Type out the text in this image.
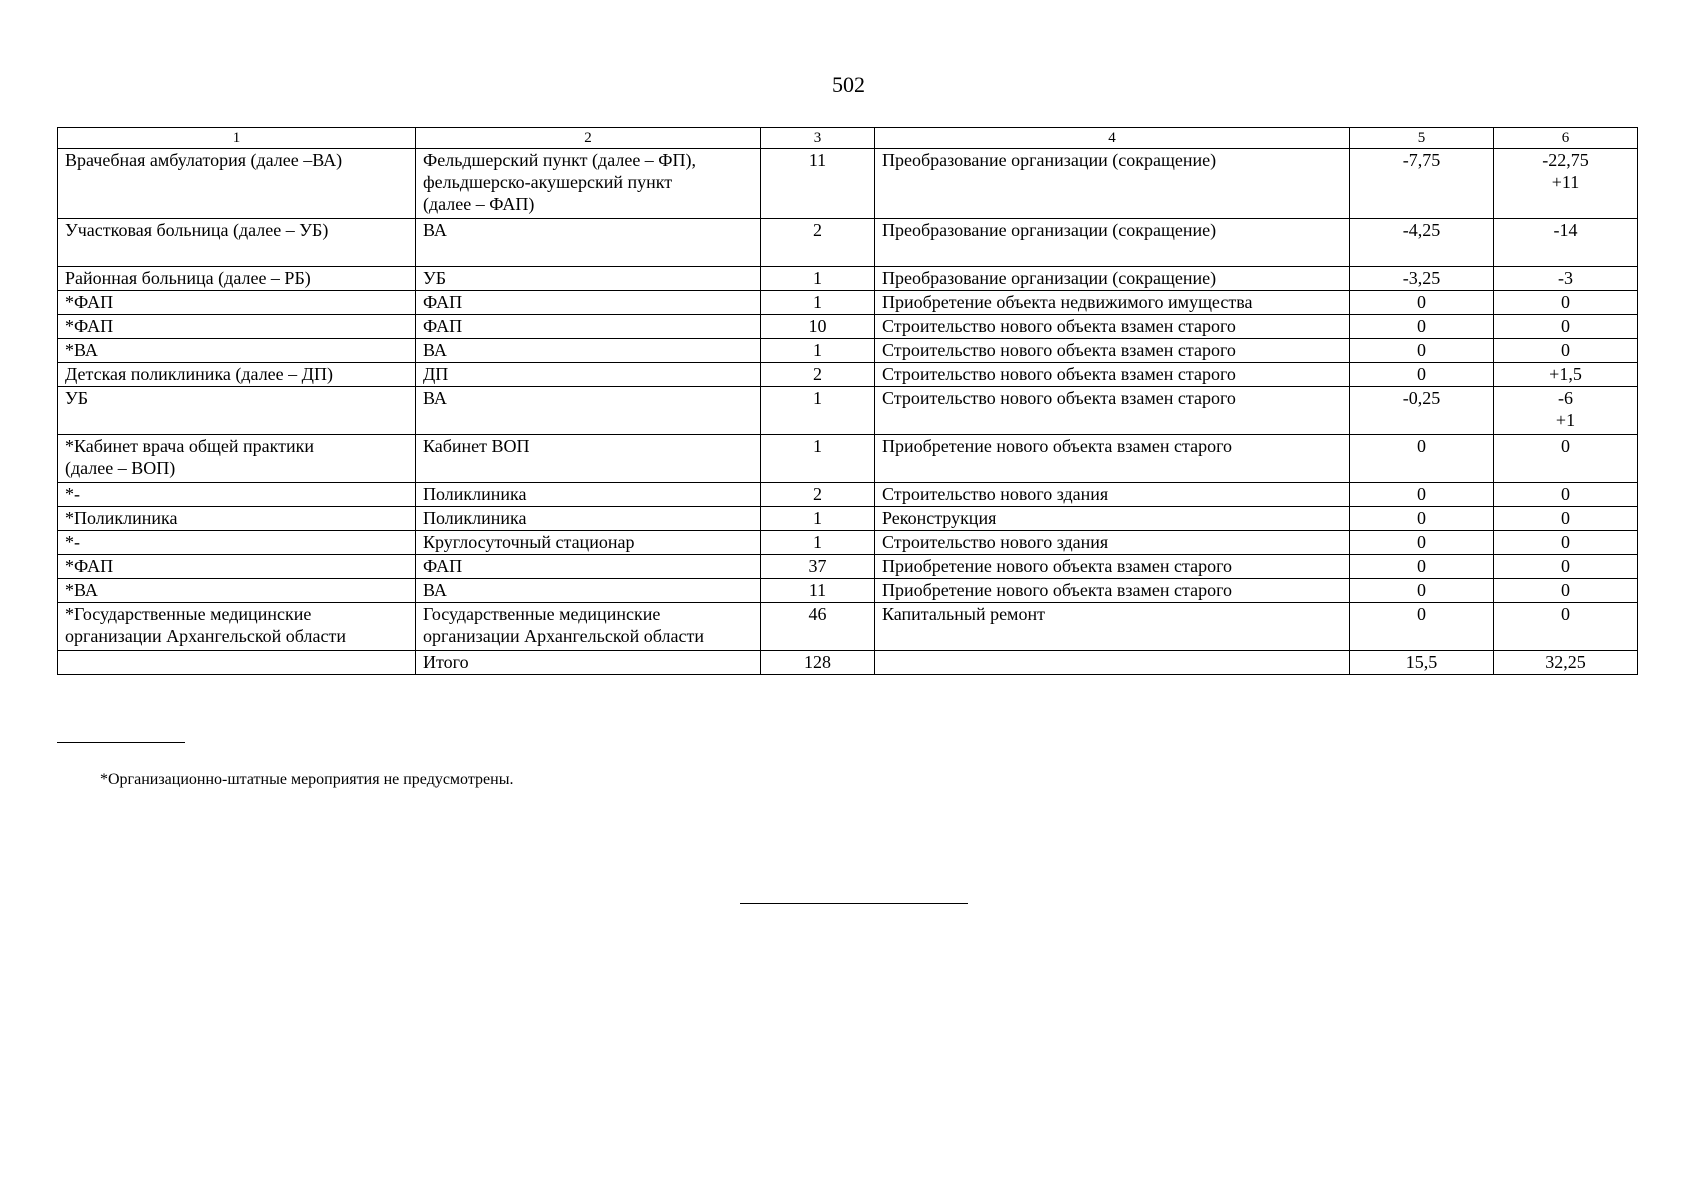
502
1	2	3	4	5	6
Врачебная амбулатория (далее –ВА)	Фельдшерский пункт (далее – ФП),
фельдшерско-акушерский пункт
(далее – ФАП)	11	Преобразование организации (сокращение)	-7,75	-22,75
+11
Участковая больница (далее – УБ)	ВА	2	Преобразование организации (сокращение)	-4,25	-14
Районная больница (далее – РБ)	УБ	1	Преобразование организации (сокращение)	-3,25	-3
*ФАП	ФАП	1	Приобретение объекта недвижимого имущества	0	0
*ФАП	ФАП	10	Строительство нового объекта взамен старого	0	0
*ВА	ВА	1	Строительство нового объекта взамен старого	0	0
Детская поликлиника (далее – ДП)	ДП	2	Строительство нового объекта взамен старого	0	+1,5
УБ	ВА	1	Строительство нового объекта взамен старого	-0,25	-6
+1
*Кабинет врача общей практики
(далее – ВОП)	Кабинет ВОП	1	Приобретение нового объекта взамен старого	0	0
*-	Поликлиника	2	Строительство нового здания	0	0
*Поликлиника	Поликлиника	1	Реконструкция	0	0
*-	Круглосуточный стационар	1	Строительство нового здания	0	0
*ФАП	ФАП	37	Приобретение нового объекта взамен старого	0	0
*ВА	ВА	11	Приобретение нового объекта взамен старого	0	0
*Государственные медицинские
организации Архангельской области	Государственные медицинские
организации Архангельской области	46	Капитальный ремонт	0	0
	Итого	128		15,5	32,25
*Организационно-штатные мероприятия не предусмотрены.
